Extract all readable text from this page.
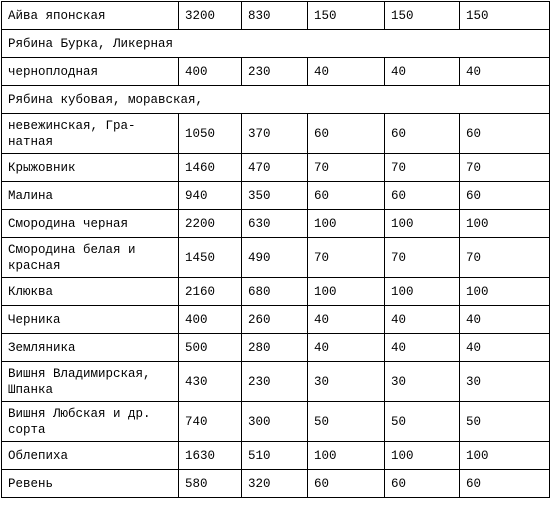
Айва японская	3200	830	150	150	150
Рябина Бурка, Ликерная					
черноплодная	400	230	40	40	40
Рябина кубовая, моравская,					
невежинская, Гра-натная	1050	370	60	60	60
Крыжовник	1460	470	70	70	70
Малина	940	350	60	60	60
Смородина черная	2200	630	100	100	100
Смородина белая и красная	1450	490	70	70	70
Клюква	2160	680	100	100	100
Черника	400	260	40	40	40
Земляника	500	280	40	40	40
Вишня Владимирская, Шпанка	430	230	30	30	30
Вишня Любская и др. сорта	740	300	50	50	50
Облепиха	1630	510	100	100	100
Ревень	580	320	60	60	60
